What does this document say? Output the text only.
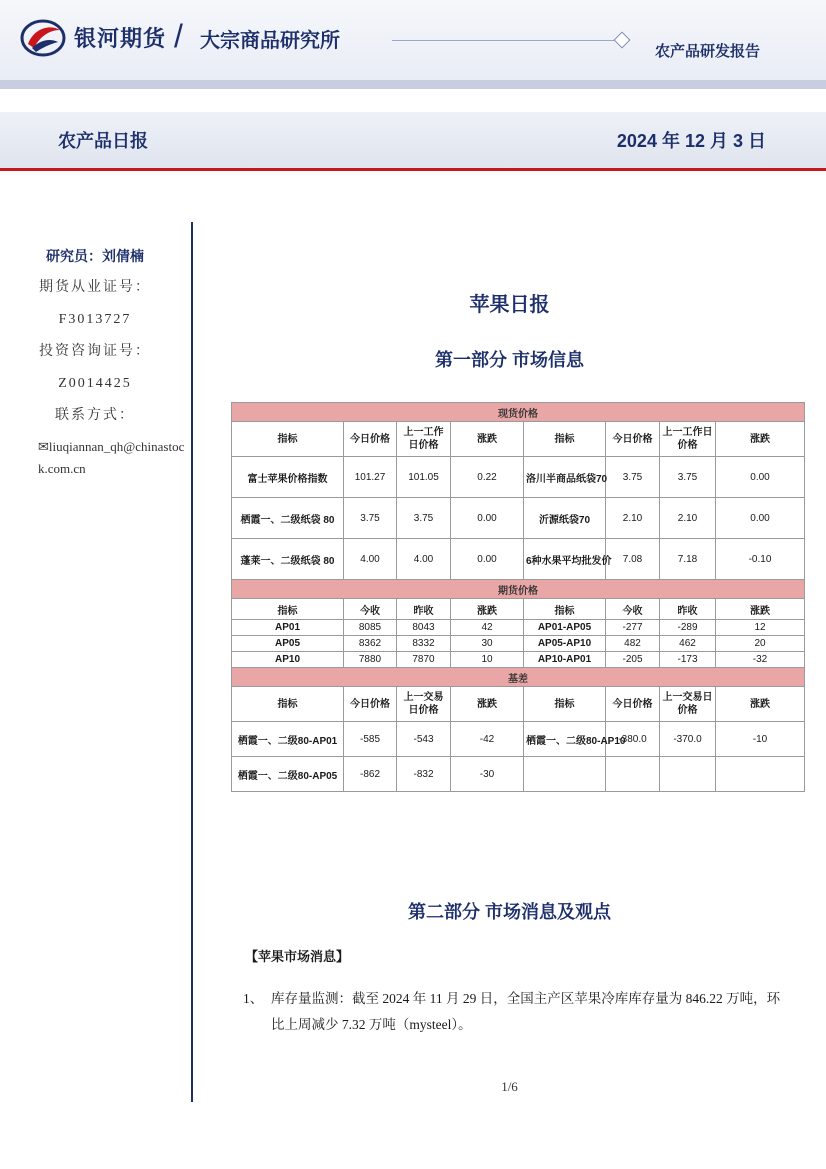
银河期货 / 大宗商品研究所	农产品研发报告
农产品日报	2024 年 12 月 3 日
研究员：刘倩楠
期货从业证号：
F3013727
投资咨询证号：
Z0014425
联系方式：
✉liuqiannan_qh@chinastock.com.cn
苹果日报
第一部分 市场信息
现货价格							
指标	今日价格	上一工作日价格	涨跌	指标	今日价格	上一工作日价格	涨跌
富士苹果价格指数	101.27	101.05	0.22	洛川半商品纸袋70	3.75	3.75	0.00
栖霞一、二级纸袋 80	3.75	3.75	0.00	沂源纸袋70	2.10	2.10	0.00
蓬莱一、二级纸袋 80	4.00	4.00	0.00	6种水果平均批发价	7.08	7.18	-0.10
期货价格							
指标	今收	昨收	涨跌	指标	今收	昨收	涨跌
AP01	8085	8043	42	AP01-AP05	-277	-289	12
AP05	8362	8332	30	AP05-AP10	482	462	20
AP10	7880	7870	10	AP10-AP01	-205	-173	-32
基差							
指标	今日价格	上一交易日价格	涨跌	指标	今日价格	上一交易日价格	涨跌
栖霞一、二级80-AP01	-585	-543	-42	栖霞一、二级80-AP10	-380.0	-370.0	-10
栖霞一、二级80-AP05	-862	-832	-30				
第二部分 市场消息及观点
【苹果市场消息】
1、 库存量监测：截至 2024 年 11 月 29 日，全国主产区苹果冷库库存量为 846.22 万吨，环比上周减少 7.32 万吨（mysteel）。
1/6
